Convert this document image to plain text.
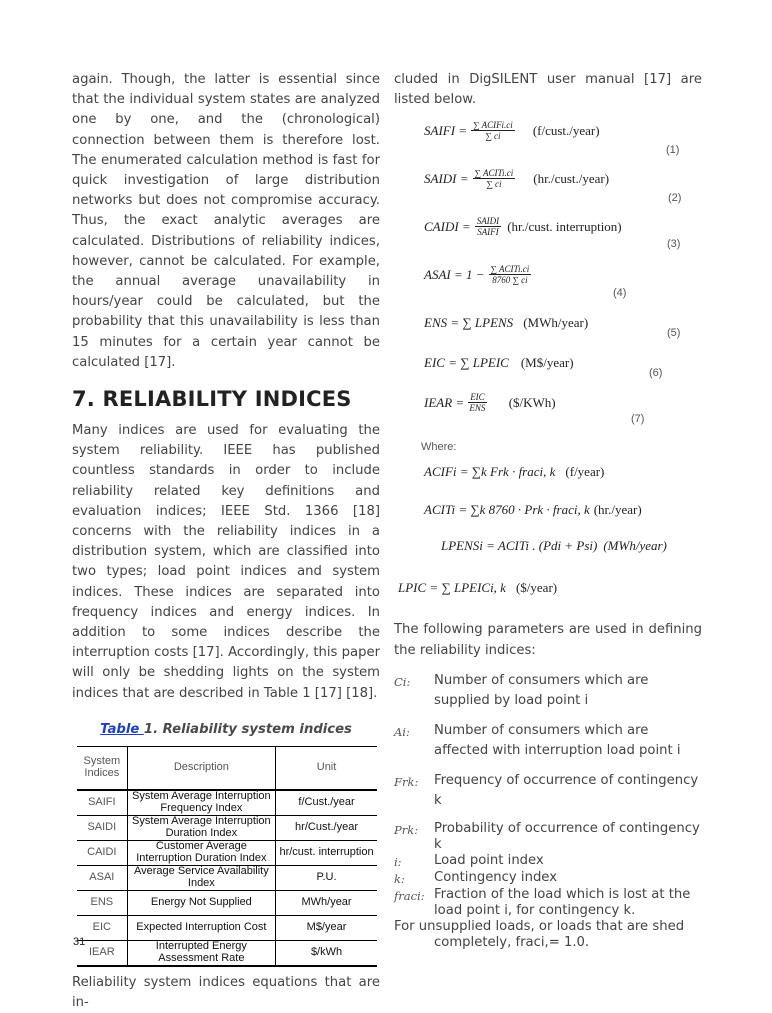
again. Though, the latter is essential since that the individual system states are analyzed one by one, and the (chronological) connection between them is therefore lost. The enumerated calculation method is fast for quick investigation of large distribution networks but does not compromise accuracy. Thus, the exact analytic averages are calculated. Distributions of reliability indices, however, cannot be calculated. For example, the annual average unavailability in hours/year could be calculated, but the probability that this unavailability is less than 15 minutes for a certain year cannot be calculated [17].

7. RELIABILITY INDICES

Many indices are used for evaluating the system reliability. IEEE has published countless standards in order to include reliability related key definitions and evaluation indices; IEEE Std. 1366 [18] concerns with the reliability indices in a distribution system, which are classified into two types; load point indices and system indices. These indices are separated into frequency indices and energy indices. In addition to some indices describe the interruption costs [17]. Accordingly, this paper will only be shedding lights on the system indices that are described in Table 1 [17] [18].

Table 1. Reliability system indices
System Indices	Description	Unit
SAIFI	System Average Interruption Frequency Index	f/Cust./year
SAIDI	System Average Interruption Duration Index	hr/Cust./year
CAIDI	Customer Average Interruption Duration Index	hr/cust. interruption
ASAI	Average Service Availability Index	P.U.
ENS	Energy Not Supplied	MWh/year
EIC	Expected Interruption Cost	M$/year
IEAR	Interrupted Energy Assessment Rate	$/kWh

Reliability system indices equations that are in-

cluded in DigSILENT user manual [17] are listed below.

SAIFI = $\frac{\text{∑ ACIFi.ci}}{\sum ci}$ (f/cust./year)
(1)
SAIDI = $\frac{\text{∑ ACITi.ci}}{\sum ci}$ (hr./cust./year)
(2)
CAIDI = $\frac{\text{SAIDI}}{\text{SAIFI}}$ (hr./cust. interruption)
(3)
ASAI = $1 - \frac{\text{∑ ACITi.ci}}{8760 \sum ci}$
(4)
ENS = ∑ LPENS (MWh/year)
(5)
EIC = ∑ LPEIC (M$/year)
(6)
IEAR = $\frac{\text{EIC}}{\text{ENS}}$ ($/KWh)
(7)
Where:
ACIFi = ∑k Frk · fraci, k (f/year)
ACITi = ∑k 8760 · Prk · fraci, k (hr./year)
LPENSi = ACITi . (Pdi + Psi) (MWh/year)
LPIC = ∑ LPEICi, k ($/year)

The following parameters are used in defining the reliability indices:

Ci:	Number of consumers which are supplied by load point i
Ai:	Number of consumers which are affected with interruption load point i
Frk:	Frequency of occurrence of contingency k
Prk:	Probability of occurrence of contingency k
i:	Load point index
k:	Contingency index
fraci: Fraction of the load which is lost at the load point i, for contingency k.
For unsupplied loads, or loads that are shed
completely, fraci,= 1.0.
31
